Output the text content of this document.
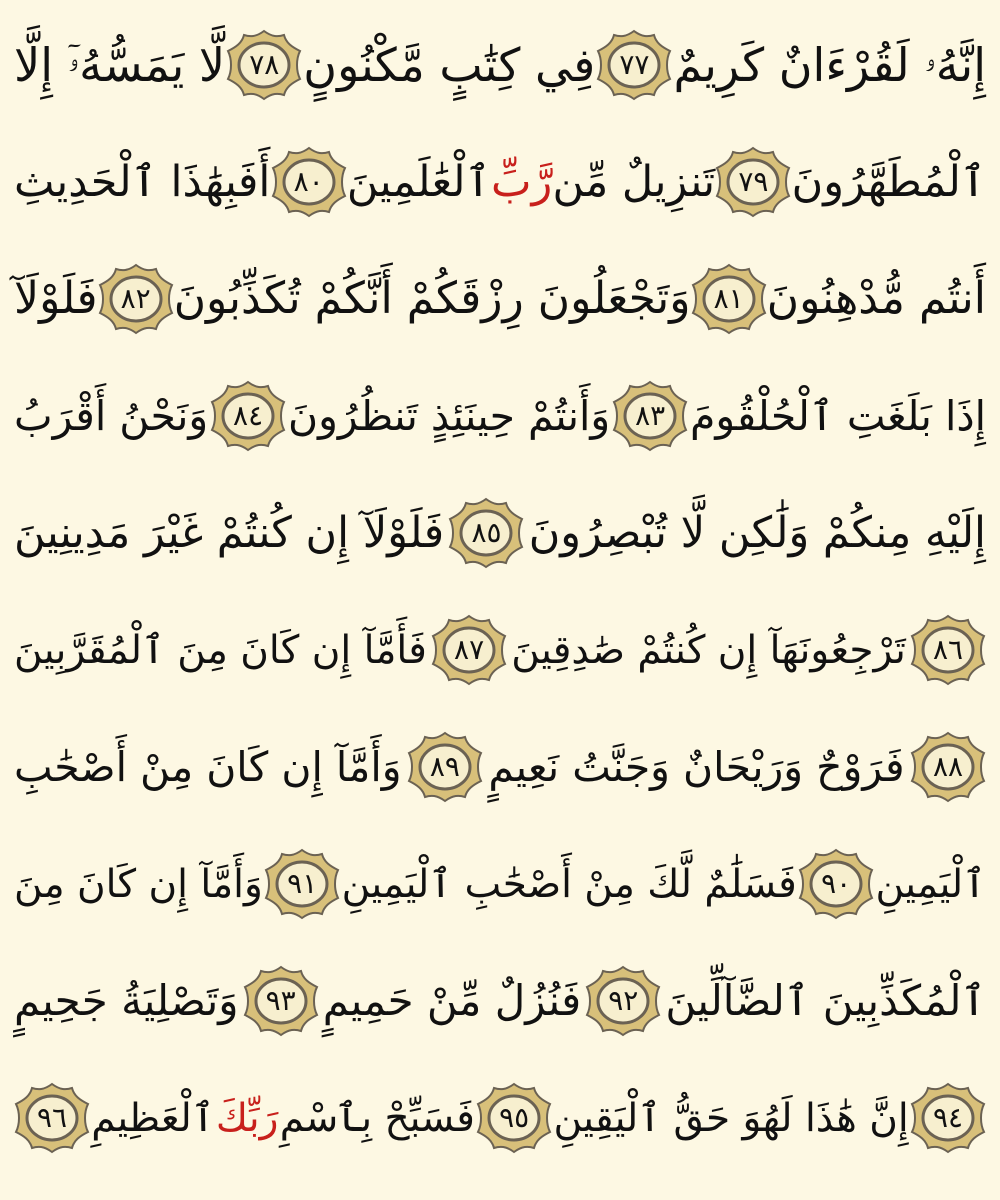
إِنَّهُۥ لَقُرْءَانٌ كَرِيمٌ
٧٧
فِي كِتَٰبٍ مَّكْنُونٍ
٧٨
لَّا يَمَسُّهُۥٓ إِلَّا
ٱلْمُطَهَّرُونَ
٧٩
تَنزِيلٌ مِّن
رَّبِّ
ٱلْعَٰلَمِينَ
٨٠
أَفَبِهَٰذَا ٱلْحَدِيثِ
أَنتُم مُّدْهِنُونَ
٨١
وَتَجْعَلُونَ رِزْقَكُمْ أَنَّكُمْ تُكَذِّبُونَ
٨٢
فَلَوْلَآ
إِذَا بَلَغَتِ ٱلْحُلْقُومَ
٨٣
وَأَنتُمْ حِينَئِذٍ تَنظُرُونَ
٨٤
وَنَحْنُ أَقْرَبُ
إِلَيْهِ مِنكُمْ وَلَٰكِن لَّا تُبْصِرُونَ
٨٥
فَلَوْلَآ إِن كُنتُمْ غَيْرَ مَدِينِينَ
٨٦
تَرْجِعُونَهَآ إِن كُنتُمْ صَٰدِقِينَ
٨٧
فَأَمَّآ إِن كَانَ مِنَ ٱلْمُقَرَّبِينَ
٨٨
فَرَوْحٌ وَرَيْحَانٌ وَجَنَّتُ نَعِيمٍ
٨٩
وَأَمَّآ إِن كَانَ مِنْ أَصْحَٰبِ
ٱلْيَمِينِ
٩٠
فَسَلَٰمٌ لَّكَ مِنْ أَصْحَٰبِ ٱلْيَمِينِ
٩١
وَأَمَّآ إِن كَانَ مِنَ
ٱلْمُكَذِّبِينَ ٱلضَّآلِّينَ
٩٢
فَنُزُلٌ مِّنْ حَمِيمٍ
٩٣
وَتَصْلِيَةُ جَحِيمٍ
٩٤
إِنَّ هَٰذَا لَهُوَ حَقُّ ٱلْيَقِينِ
٩٥
فَسَبِّحْ بِٱسْمِ
رَبِّكَ
ٱلْعَظِيمِ
٩٦
